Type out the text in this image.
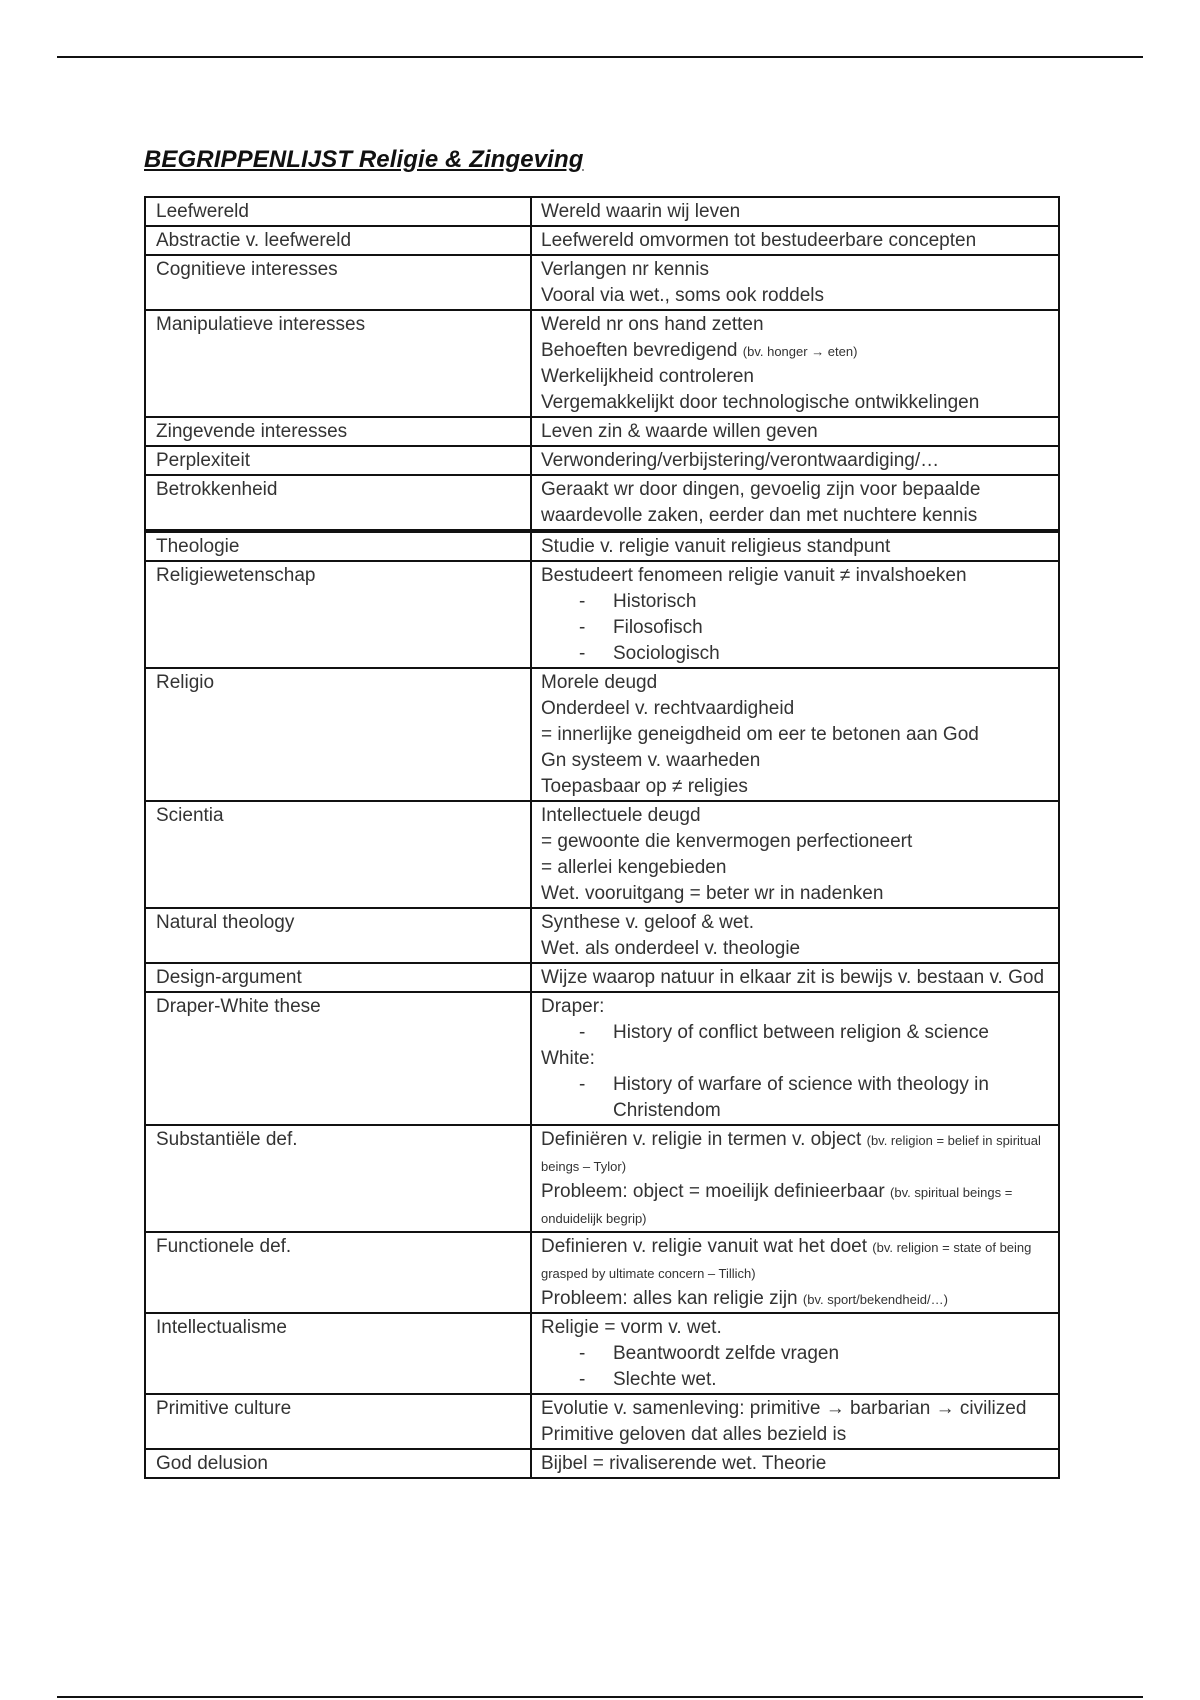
BEGRIPPENLIJST Religie & Zingeving
Leefwereld	Wereld waarin wij leven

Abstractie v. leefwereld	Leefwereld omvormen tot bestudeerbare concepten

Cognitieve interesses	Verlangen nr kennis
Vooral via wet., soms ook roddels

Manipulatieve interesses	Wereld nr ons hand zetten
Behoeften bevredigend (bv. honger → eten)
Werkelijkheid controleren
Vergemakkelijkt door technologische ontwikkelingen

Zingevende interesses	Leven zin & waarde willen geven

Perplexiteit	Verwondering/verbijstering/verontwaardiging/…

Betrokkenheid	Geraakt wr door dingen, gevoelig zijn voor bepaalde waardevolle zaken, eerder dan met nuchtere kennis

Theologie	Studie v. religie vanuit religieus standpunt

Religiewetenschap	Bestudeert fenomeen religie vanuit ≠ invalshoeken
- Historisch
- Filosofisch
- Sociologisch

Religio	Morele deugd
Onderdeel v. rechtvaardigheid
= innerlijke geneigdheid om eer te betonen aan God
Gn systeem v. waarheden
Toepasbaar op ≠ religies

Scientia	Intellectuele deugd
= gewoonte die kenvermogen perfectioneert
= allerlei kengebieden
Wet. vooruitgang = beter wr in nadenken

Natural theology	Synthese v. geloof & wet.
Wet. als onderdeel v. theologie

Design-argument	Wijze waarop natuur in elkaar zit is bewijs v. bestaan v. God

Draper-White these	Draper:
- History of conflict between religion & science
White:
- History of warfare of science with theology in Christendom

Substantiële def.	Definiëren v. religie in termen v. object (bv. religion = belief in spiritual beings – Tylor)
Probleem: object = moeilijk definieerbaar (bv. spiritual beings = onduidelijk begrip)

Functionele def.	Definieren v. religie vanuit wat het doet (bv. religion = state of being grasped by ultimate concern – Tillich)
Probleem: alles kan religie zijn (bv. sport/bekendheid/…)

Intellectualisme	Religie = vorm v. wet.
- Beantwoordt zelfde vragen
- Slechte wet.

Primitive culture	Evolutie v. samenleving: primitive → barbarian → civilized
Primitive geloven dat alles bezield is

God delusion	Bijbel = rivaliserende wet. Theorie
